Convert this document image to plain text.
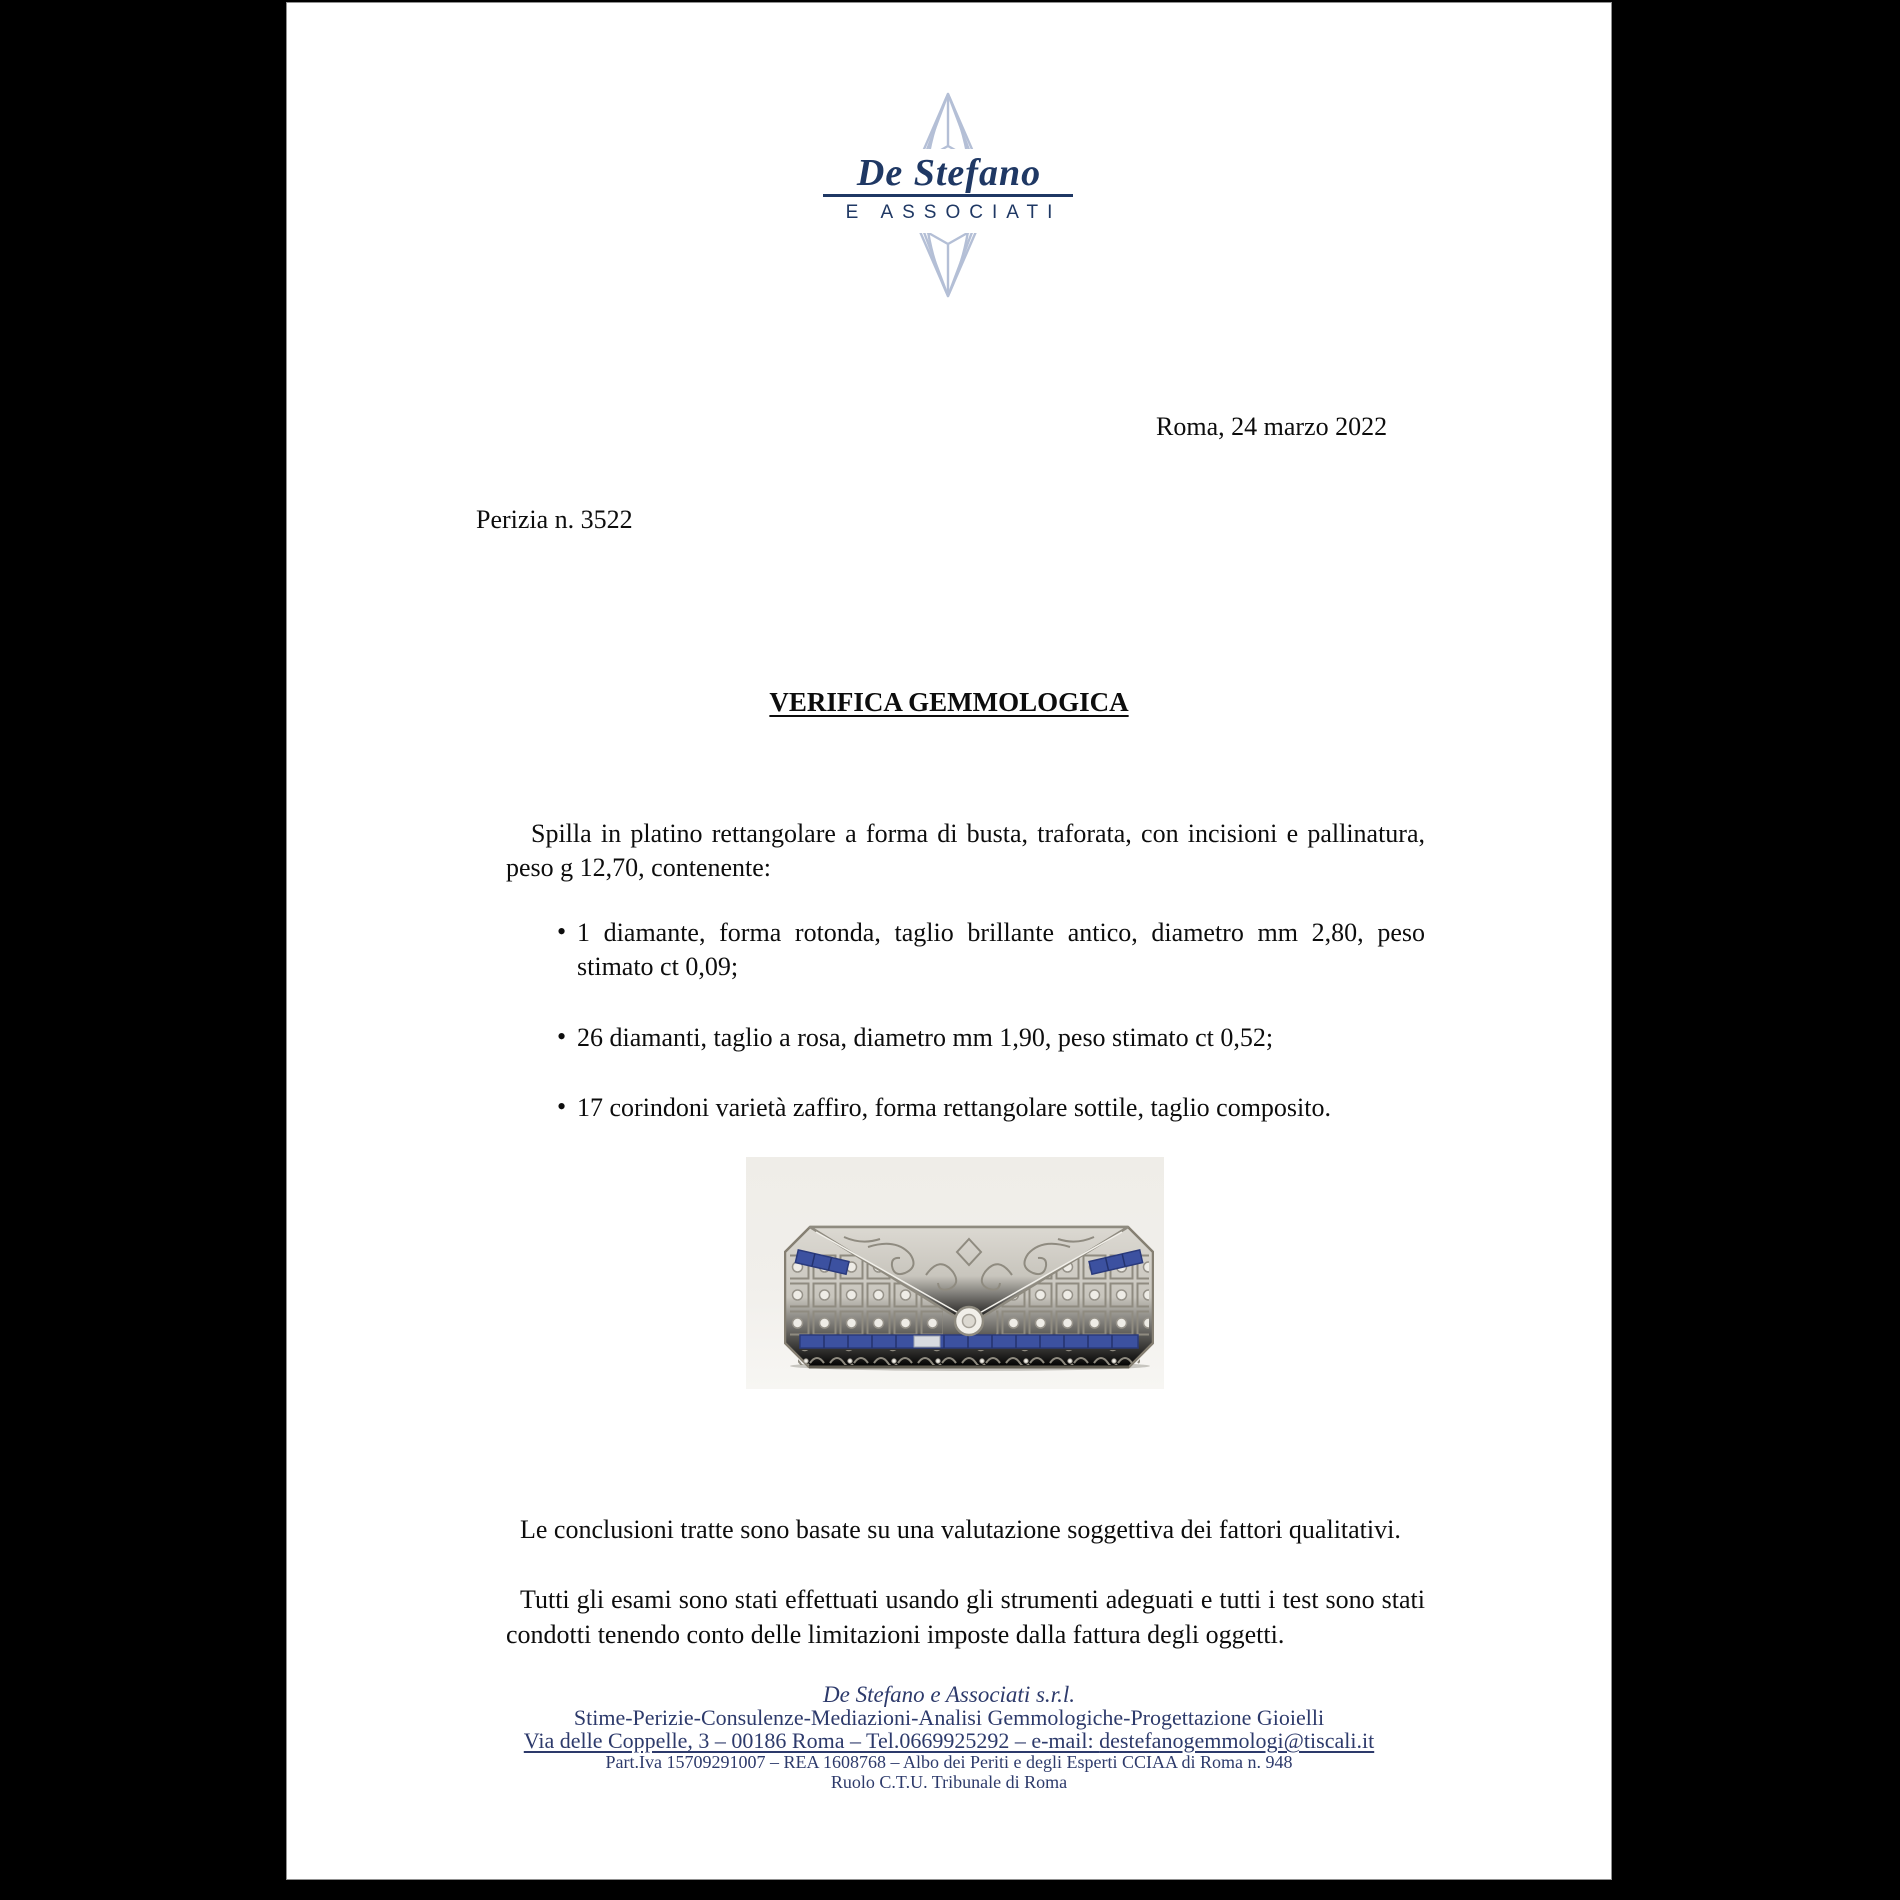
De Stefano
E ASSOCIATI
Roma, 24 marzo 2022
Perizia n. 3522
VERIFICA GEMMOLOGICA
Spilla in platino rettangolare a forma di busta, traforata, con incisioni e pallinatura, peso g 12,70, contenente:
• 1 diamante, forma rotonda, taglio brillante antico, diametro mm 2,80, peso stimato ct 0,09;
• 26 diamanti, taglio a rosa, diametro mm 1,90, peso stimato ct 0,52;
• 17 corindoni varietà zaffiro, forma rettangolare sottile, taglio composito.
Le conclusioni tratte sono basate su una valutazione soggettiva dei fattori qualitativi.
Tutti gli esami sono stati effettuati usando gli strumenti adeguati e tutti i test sono stati condotti tenendo conto delle limitazioni imposte dalla fattura degli oggetti.
De Stefano e Associati s.r.l.
Stime-Perizie-Consulenze-Mediazioni-Analisi Gemmologiche-Progettazione Gioielli
Via delle Coppelle, 3 – 00186 Roma – Tel.0669925292 – e-mail: destefanogemmologi@tiscali.it
Part.Iva 15709291007 – REA 1608768 – Albo dei Periti e degli Esperti CCIAA di Roma n. 948
Ruolo C.T.U. Tribunale di Roma
